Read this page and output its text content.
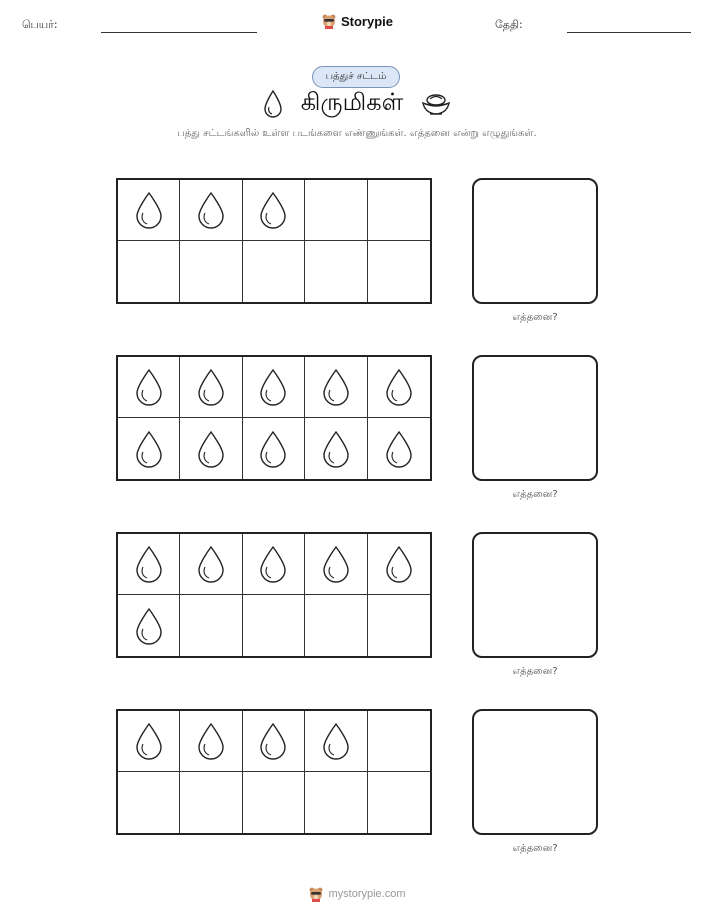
பெயர்:	Storypie	தேதி:
பத்துச் சட்டம்
கிருமிகள்
பத்து சட்டங்களில் உள்ள படங்களை எண்ணுங்கள். எத்தனை என்று எழுதுங்கள்.
எத்தனை?
எத்தனை?
எத்தனை?
எத்தனை?
mystorypie.com
